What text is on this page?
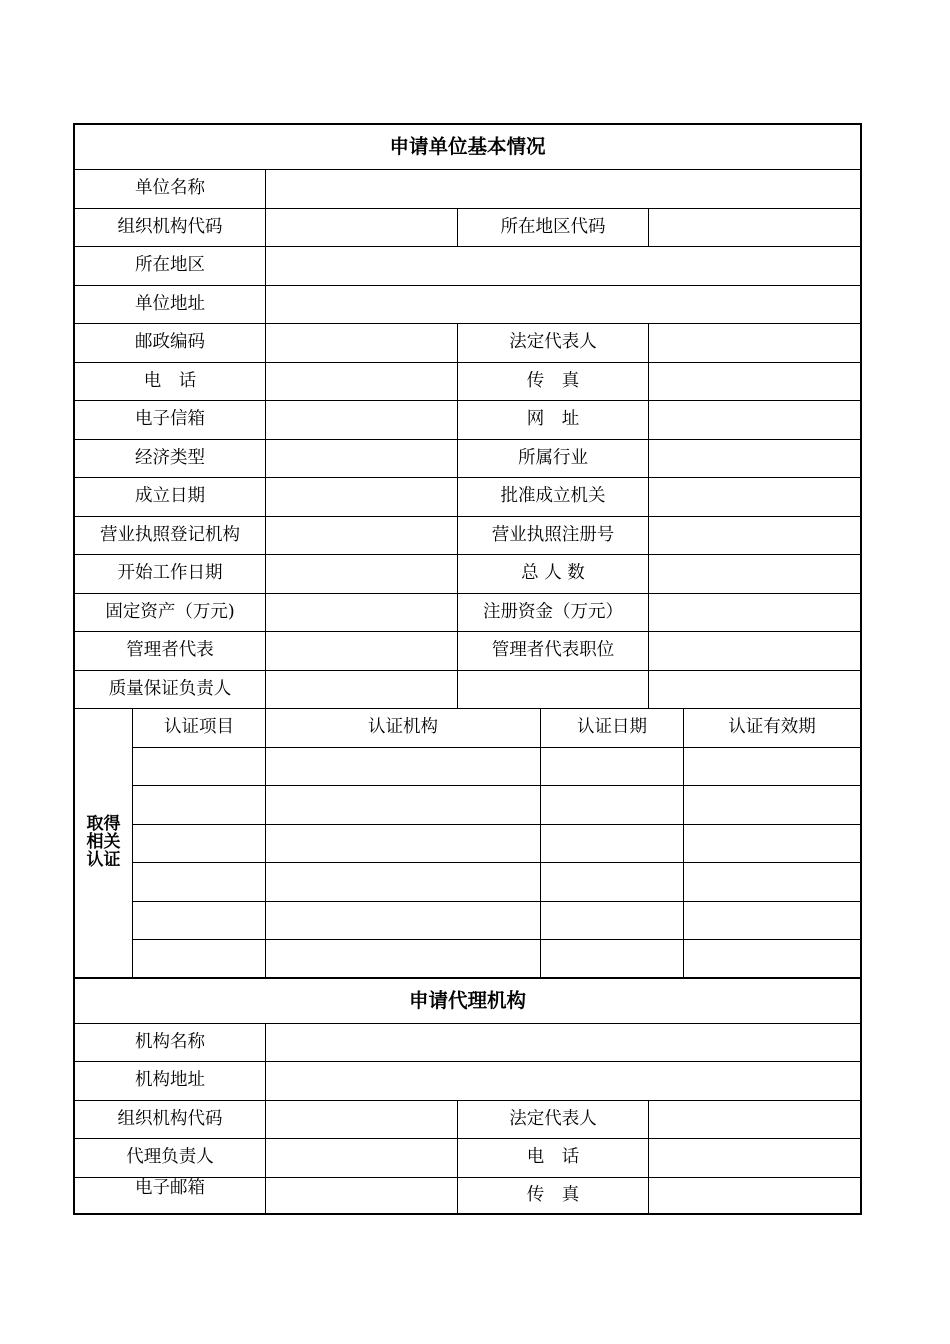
申请单位基本情况
单位名称
组织机构代码	所在地区代码
所在地区
单位地址
邮政编码	法定代表人
电　话	传　真
电子信箱	网　址
经济类型	所属行业
成立日期	批准成立机关
营业执照登记机构	营业执照注册号
开始工作日期	总 人 数
固定资产（万元)	注册资金（万元）
管理者代表	管理者代表职位
质量保证负责人
取得
相关
认证
认证项目	认证机构	认证日期	认证有效期
申请代理机构
机构名称
机构地址
组织机构代码	法定代表人
代理负责人	电　话
电子邮箱	传　真
